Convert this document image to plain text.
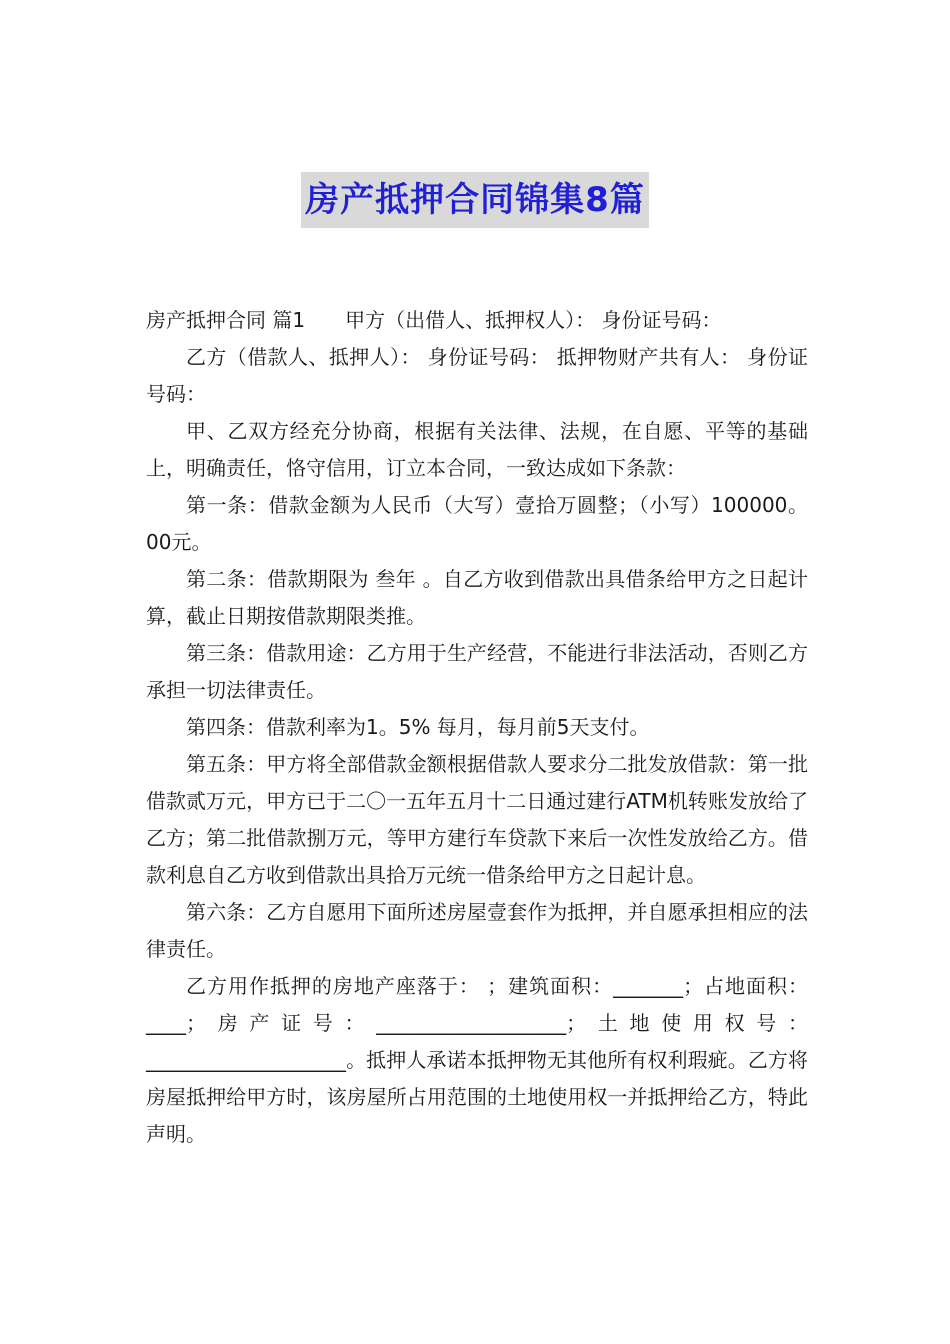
房产抵押合同锦集8篇

房产抵押合同 篇1 甲方（出借人、抵押权人）： 身份证号码：

乙方（借款人、抵押人）： 身份证号码： 抵押物财产共有人： 身份证号码：

甲、乙双方经充分协商，根据有关法律、法规，在自愿、平等的基础上，明确责任，恪守信用，订立本合同，一致达成如下条款：

第一条：借款金额为人民币（大写）壹拾万圆整；（小写）100000。00元。

第二条：借款期限为 叁年 。自乙方收到借款出具借条给甲方之日起计算，截止日期按借款期限类推。

第三条：借款用途：乙方用于生产经营，不能进行非法活动，否则乙方承担一切法律责任。

第四条：借款利率为1。5% 每月，每月前5天支付。

第五条：甲方将全部借款金额根据借款人要求分二批发放借款：第一批借款贰万元，甲方已于二〇一五年五月十二日通过建行ATM机转账发放给了乙方；第二批借款捌万元，等甲方建行车贷款下来后一次性发放给乙方。借款利息自乙方收到借款出具拾万元统一借条给甲方之日起计息。

第六条：乙方自愿用下面所述房屋壹套作为抵押，并自愿承担相应的法律责任。

乙方用作抵押的房地产座落于： ；建筑面积：_______；占地面积：____；房产证号：___________________；土地使用权号：____________________。抵押人承诺本抵押物无其他所有权利瑕疵。乙方将房屋抵押给甲方时，该房屋所占用范围的土地使用权一并抵押给乙方，特此声明。
